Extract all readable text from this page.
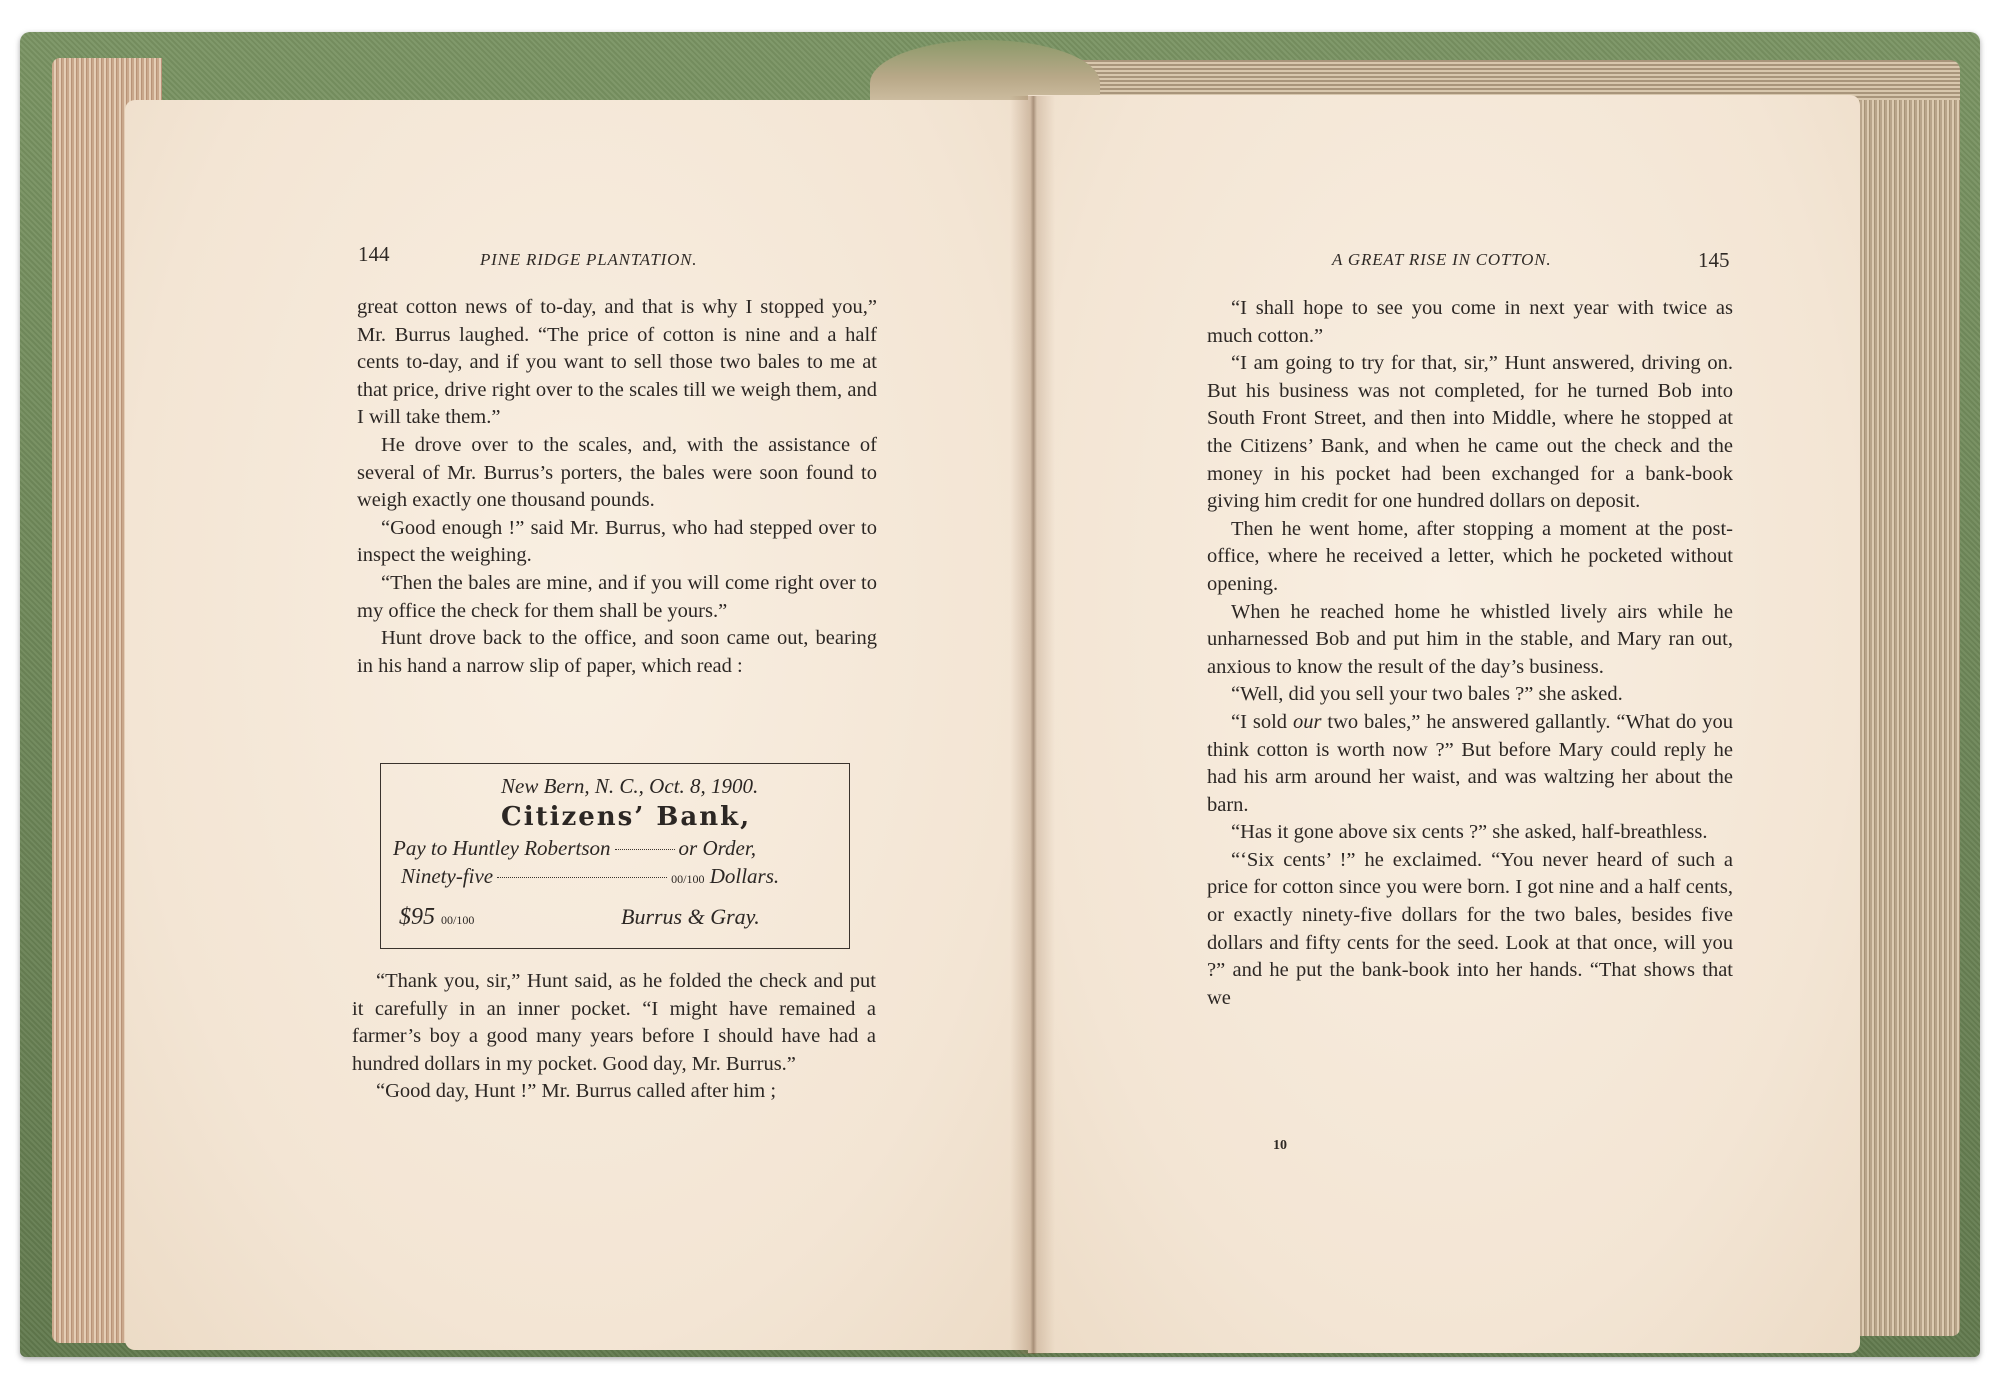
144	PINE RIDGE PLANTATION.	A GREAT RISE IN COTTON.	145

great cotton news of to-day, and that is why I stopped you,” Mr. Burrus laughed. “The price of cotton is nine and a half cents to-day, and if you want to sell those two bales to me at that price, drive right over to the scales till we weigh them, and I will take them.”

He drove over to the scales, and, with the assistance of several of Mr. Burrus’s porters, the bales were soon found to weigh exactly one thousand pounds.

“Good enough !” said Mr. Burrus, who had stepped over to inspect the weighing.

“Then the bales are mine, and if you will come right over to my office the check for them shall be yours.”

Hunt drove back to the office, and soon came out, bearing in his hand a narrow slip of paper, which read :

New Bern, N. C., Oct. 8, 1900.
Citizens’ Bank,
Pay to Huntley Robertson	or Order,
Ninety-five	00/100 Dollars.
$95 00/100	Burrus & Gray.

“Thank you, sir,” Hunt said, as he folded the check and put it carefully in an inner pocket. “I might have remained a farmer’s boy a good many years before I should have had a hundred dollars in my pocket. Good day, Mr. Burrus.”

“Good day, Hunt !” Mr. Burrus called after him ;

“I shall hope to see you come in next year with twice as much cotton.”

“I am going to try for that, sir,” Hunt answered, driving on. But his business was not completed, for he turned Bob into South Front Street, and then into Middle, where he stopped at the Citizens’ Bank, and when he came out the check and the money in his pocket had been exchanged for a bank-book giving him credit for one hundred dollars on deposit.

Then he went home, after stopping a moment at the post-office, where he received a letter, which he pocketed without opening.

When he reached home he whistled lively airs while he unharnessed Bob and put him in the stable, and Mary ran out, anxious to know the result of the day’s business.

“Well, did you sell your two bales ?” she asked.

“I sold our two bales,” he answered gallantly. “What do you think cotton is worth now ?” But before Mary could reply he had his arm around her waist, and was waltzing her about the barn.

“Has it gone above six cents ?” she asked, half-breathless.

“‘Six cents’ !” he exclaimed. “You never heard of such a price for cotton since you were born. I got nine and a half cents, or exactly ninety-five dollars for the two bales, besides five dollars and fifty cents for the seed. Look at that once, will you ?” and he put the bank-book into her hands. “That shows that we

10
